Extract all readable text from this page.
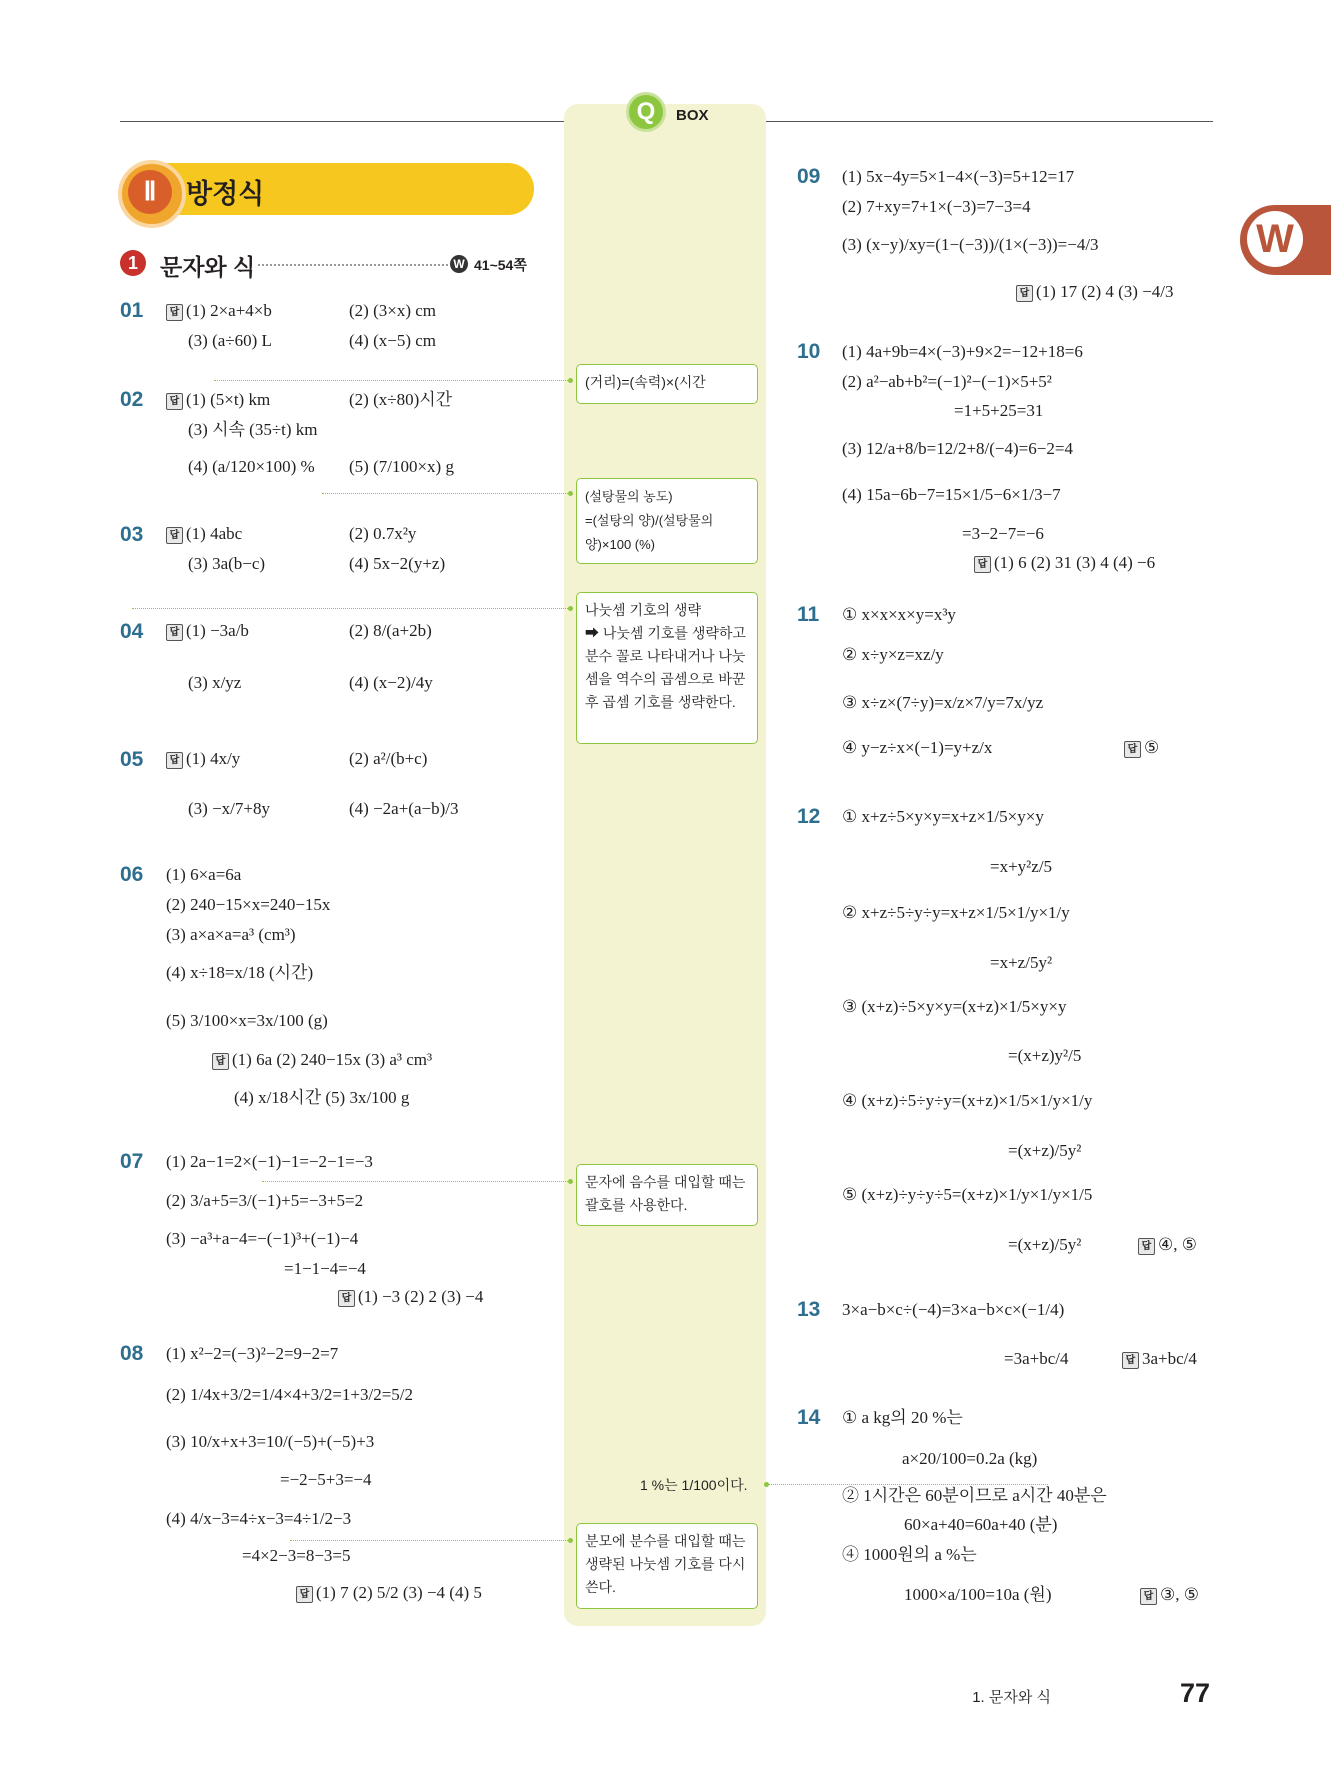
Q	BOX
W
Ⅱ	방정식
1 문자와 식	W 41~54쪽
01	답 (1) 2×a+4×b	(2) (3×x) cm
(3) (a÷60) L	(4) (x−5) cm
02	답 (1) (5×t) km	(2) (x÷80)시간
(3) 시속 (35÷t) km
(4) (a/120×100) % (5) (7/100×x) g
03	답 (1) 4abc	(2) 0.7x²y
(3) 3a(b−c)	(4) 5x−2(y+z)
04	답 (1) −3a/b	(2) 8/(a+2b)
(3) x/yz	(4) (x−2)/4y
05	답 (1) 4x/y	(2) a²/(b+c)
(3) −x/7+8y	(4) −2a+(a−b)/3
06 (1) 6×a=6a
(2) 240−15×x=240−15x
(3) a×a×a=a³ (cm³)
(4) x÷18=x/18 (시간)
(5) 3/100×x=3x/100 (g)
답 (1) 6a (2) 240−15x (3) a³ cm³
(4) x/18시간 (5) 3x/100 g
07 (1) 2a−1=2×(−1)−1=−2−1=−3
(2) 3/a+5=3/(−1)+5=−3+5=2
(3) −a³+a−4=−(−1)³+(−1)−4
=1−1−4=−4
답 (1) −3 (2) 2 (3) −4
08 (1) x²−2=(−3)²−2=9−2=7
(2) 1/4x+3/2=1/4×4+3/2=1+3/2=5/2
(3) 10/x+x+3=10/(−5)+(−5)+3
=−2−5+3=−4
(4) 4/x−3=4÷x−3=4÷1/2−3
=4×2−3=8−3=5
답 (1) 7 (2) 5/2 (3) −4 (4) 5
(거리)=(속력)×(시간
(설탕물의 농도)
=(설탕의 양)/(설탕물의 양)×100 (%)
나눗셈 기호의 생략
➡ 나눗셈 기호를 생략하고 분수 꼴로 나타내거나 나눗셈을 역수의 곱셈으로 바꾼 후 곱셈 기호를 생략한다.
문자에 음수를 대입할 때는 괄호를 사용한다.
1 %는 1/100이다.
분모에 분수를 대입할 때는 생략된 나눗셈 기호를 다시 쓴다.
09 (1) 5x−4y=5×1−4×(−3)=5+12=17
(2) 7+xy=7+1×(−3)=7−3=4
(3) (x−y)/xy=(1−(−3))/(1×(−3))=−4/3
답 (1) 17 (2) 4 (3) −4/3
10 (1) 4a+9b=4×(−3)+9×2=−12+18=6
(2) a²−ab+b²=(−1)²−(−1)×5+5²
=1+5+25=31
(3) 12/a+8/b=12/2+8/(−4)=6−2=4
(4) 15a−6b−7=15×1/5−6×1/3−7
=3−2−7=−6
답 (1) 6 (2) 31 (3) 4 (4) −6
11 ① x×x×x×y=x³y
② x÷y×z=xz/y
③ x÷z×(7÷y)=x/z×7/y=7x/yz
④ y−z÷x×(−1)=y+z/x	답 ⑤
12 ① x+z÷5×y×y=x+z×1/5×y×y
=x+y²z/5
② x+z÷5÷y÷y=x+z×1/5×1/y×1/y
=x+z/5y²
③ (x+z)÷5×y×y=(x+z)×1/5×y×y
=(x+z)y²/5
④ (x+z)÷5÷y÷y=(x+z)×1/5×1/y×1/y
=(x+z)/5y²
⑤ (x+z)÷y÷y÷5=(x+z)×1/y×1/y×1/5
=(x+z)/5y²	답 ④, ⑤
13 3×a−b×c÷(−4)=3×a−b×c×(−1/4)
=3a+bc/4	답 3a+bc/4
14 ① a kg의 20 %는
a×20/100=0.2a (kg)
② 1시간은 60분이므로 a시간 40분은
60×a+40=60a+40 (분)
④ 1000원의 a %는
1000×a/100=10a (원)	답 ③, ⑤
1. 문자와 식	77
